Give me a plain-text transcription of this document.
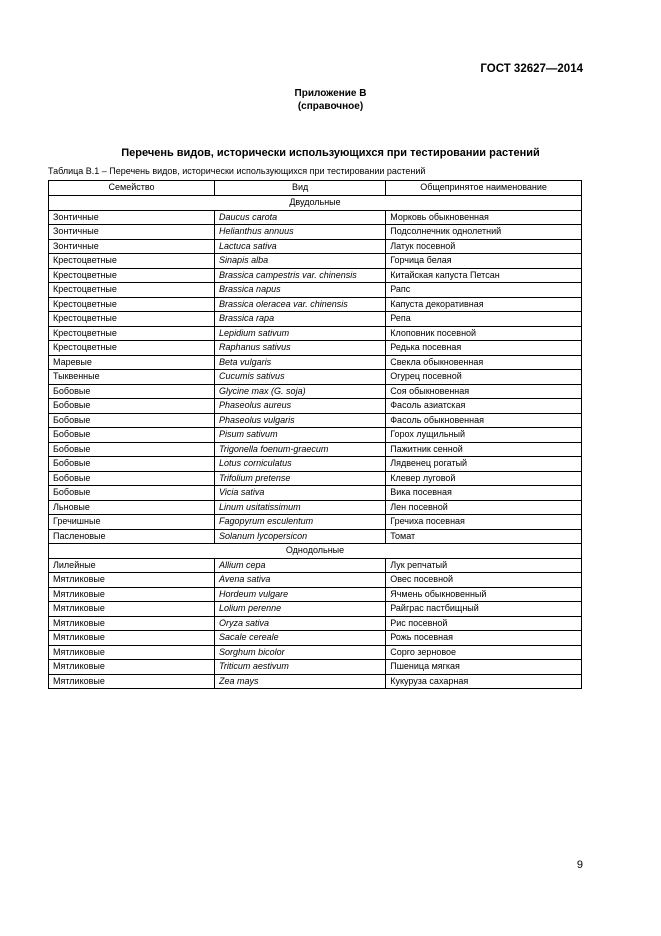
ГОСТ 32627—2014
Приложение В
(справочное)
Перечень видов, исторически использующихся при тестировании растений
Таблица В.1 – Перечень видов, исторически использующихся при тестировании растений
Семейство	Вид	Общепринятое наименование
Двудольные		
Зонтичные	Daucus carota	Морковь обыкновенная
Зонтичные	Helianthus annuus	Подсолнечник однолетний
Зонтичные	Lactuca sativa	Латук посевной
Крестоцветные	Sinapis alba	Горчица белая
Крестоцветные	Brassica campestris var. chinensis	Китайская капуста Петсан
Крестоцветные	Brassica napus	Рапс
Крестоцветные	Brassica oleracea var. chinensis	Капуста декоративная
Крестоцветные	Brassica rapa	Репа
Крестоцветные	Lepidium sativum	Клоповник посевной
Крестоцветные	Raphanus sativus	Редька посевная
Маревые	Beta vulgaris	Свекла обыкновенная
Тыквенные	Cucumis sativus	Огурец посевной
Бобовые	Glycine max (G. soja)	Соя обыкновенная
Бобовые	Phaseolus aureus	Фасоль азиатская
Бобовые	Phaseolus vulgaris	Фасоль обыкновенная
Бобовые	Pisum sativum	Горох лущильный
Бобовые	Trigonella foenum-graecum	Пажитник сенной
Бобовые	Lotus corniculatus	Лядвенец рогатый
Бобовые	Trifolium pretense	Клевер луговой
Бобовые	Vicia sativa	Вика посевная
Льновые	Linum usitatissimum	Лен посевной
Гречишные	Fagopyrum esculentum	Гречиха посевная
Пасленовые	Solanum lycopersicon	Томат
Однодольные		
Лилейные	Allium cepa	Лук репчатый
Мятликовые	Avena sativa	Овес посевной
Мятликовые	Hordeum vulgare	Ячмень обыкновенный
Мятликовые	Lolium perenne	Райграс пастбищный
Мятликовые	Oryza sativa	Рис посевной
Мятликовые	Sacale cereale	Рожь посевная
Мятликовые	Sorghum bicolor	Сорго зерновое
Мятликовые	Triticum aestivum	Пшеница мягкая
Мятликовые	Zea mays	Кукуруза сахарная
9
